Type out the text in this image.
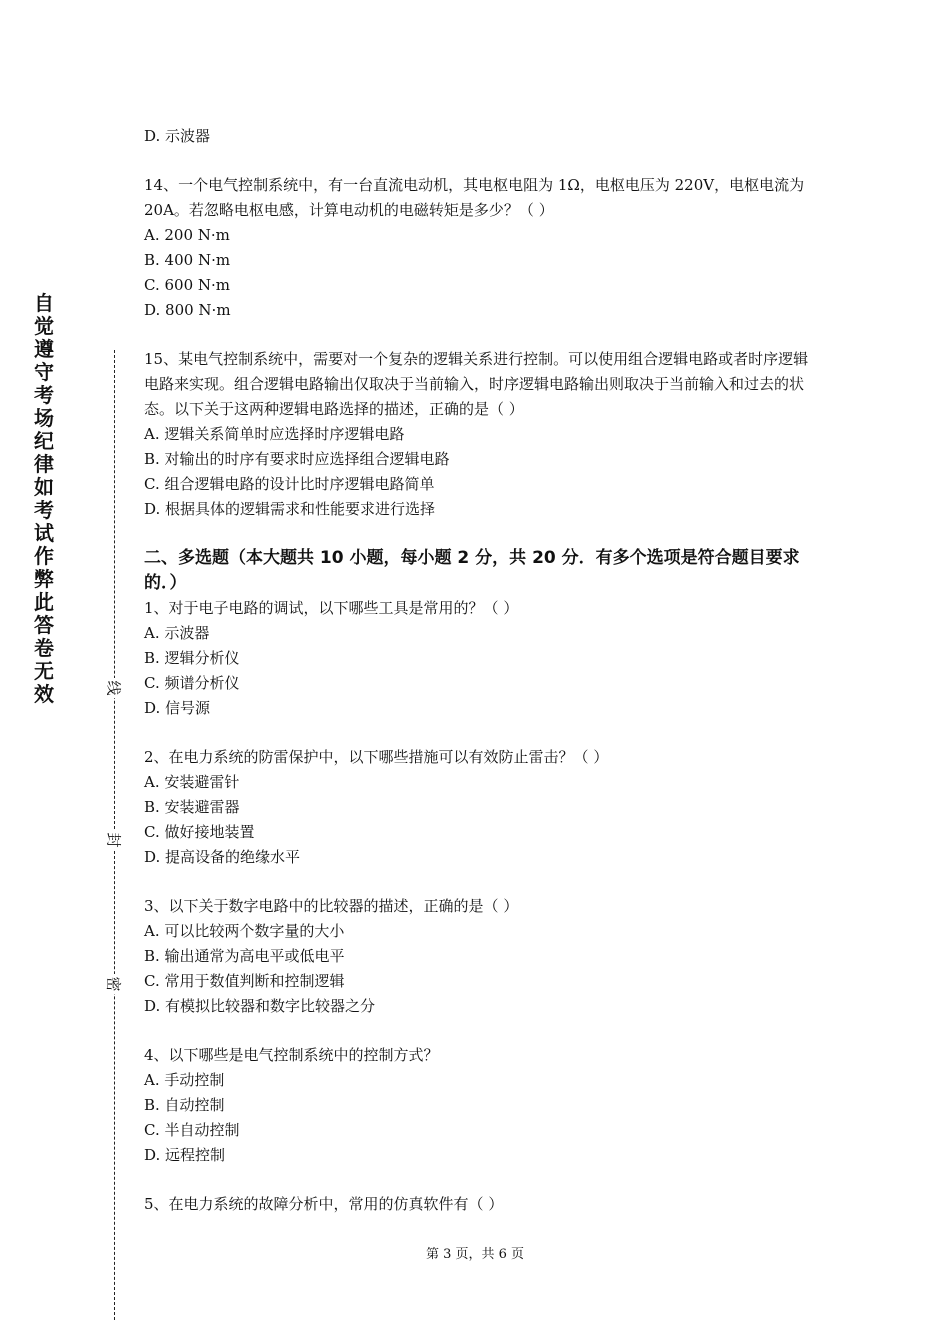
自觉遵守考场纪律如考试作弊此答卷无效	线
封
密

D. 示波器

14、一个电气控制系统中，有一台直流电动机，其电枢电阻为 1Ω，电枢电压为 220V，电枢电流为 20A。若忽略电枢电感，计算电动机的电磁转矩是多少？（ ）

A. 200 N·m

B. 400 N·m

C. 600 N·m

D. 800 N·m

15、某电气控制系统中，需要对一个复杂的逻辑关系进行控制。可以使用组合逻辑电路或者时序逻辑电路来实现。组合逻辑电路输出仅取决于当前输入，时序逻辑电路输出则取决于当前输入和过去的状态。以下关于这两种逻辑电路选择的描述，正确的是（ ）

A. 逻辑关系简单时应选择时序逻辑电路

B. 对输出的时序有要求时应选择组合逻辑电路

C. 组合逻辑电路的设计比时序逻辑电路简单

D. 根据具体的逻辑需求和性能要求进行选择

二、多选题（本大题共 10 小题，每小题 2 分，共 20 分．有多个选项是符合题目要求的．）

1、对于电子电路的调试，以下哪些工具是常用的？（ ）

A. 示波器

B. 逻辑分析仪

C. 频谱分析仪

D. 信号源

2、在电力系统的防雷保护中，以下哪些措施可以有效防止雷击？（ ）

A. 安装避雷针

B. 安装避雷器

C. 做好接地装置

D. 提高设备的绝缘水平

3、以下关于数字电路中的比较器的描述，正确的是（ ）

A. 可以比较两个数字量的大小

B. 输出通常为高电平或低电平

C. 常用于数值判断和控制逻辑

D. 有模拟比较器和数字比较器之分

4、以下哪些是电气控制系统中的控制方式？

A. 手动控制

B. 自动控制

C. 半自动控制

D. 远程控制

5、在电力系统的故障分析中，常用的仿真软件有（ ）

第 3 页，共 6 页
